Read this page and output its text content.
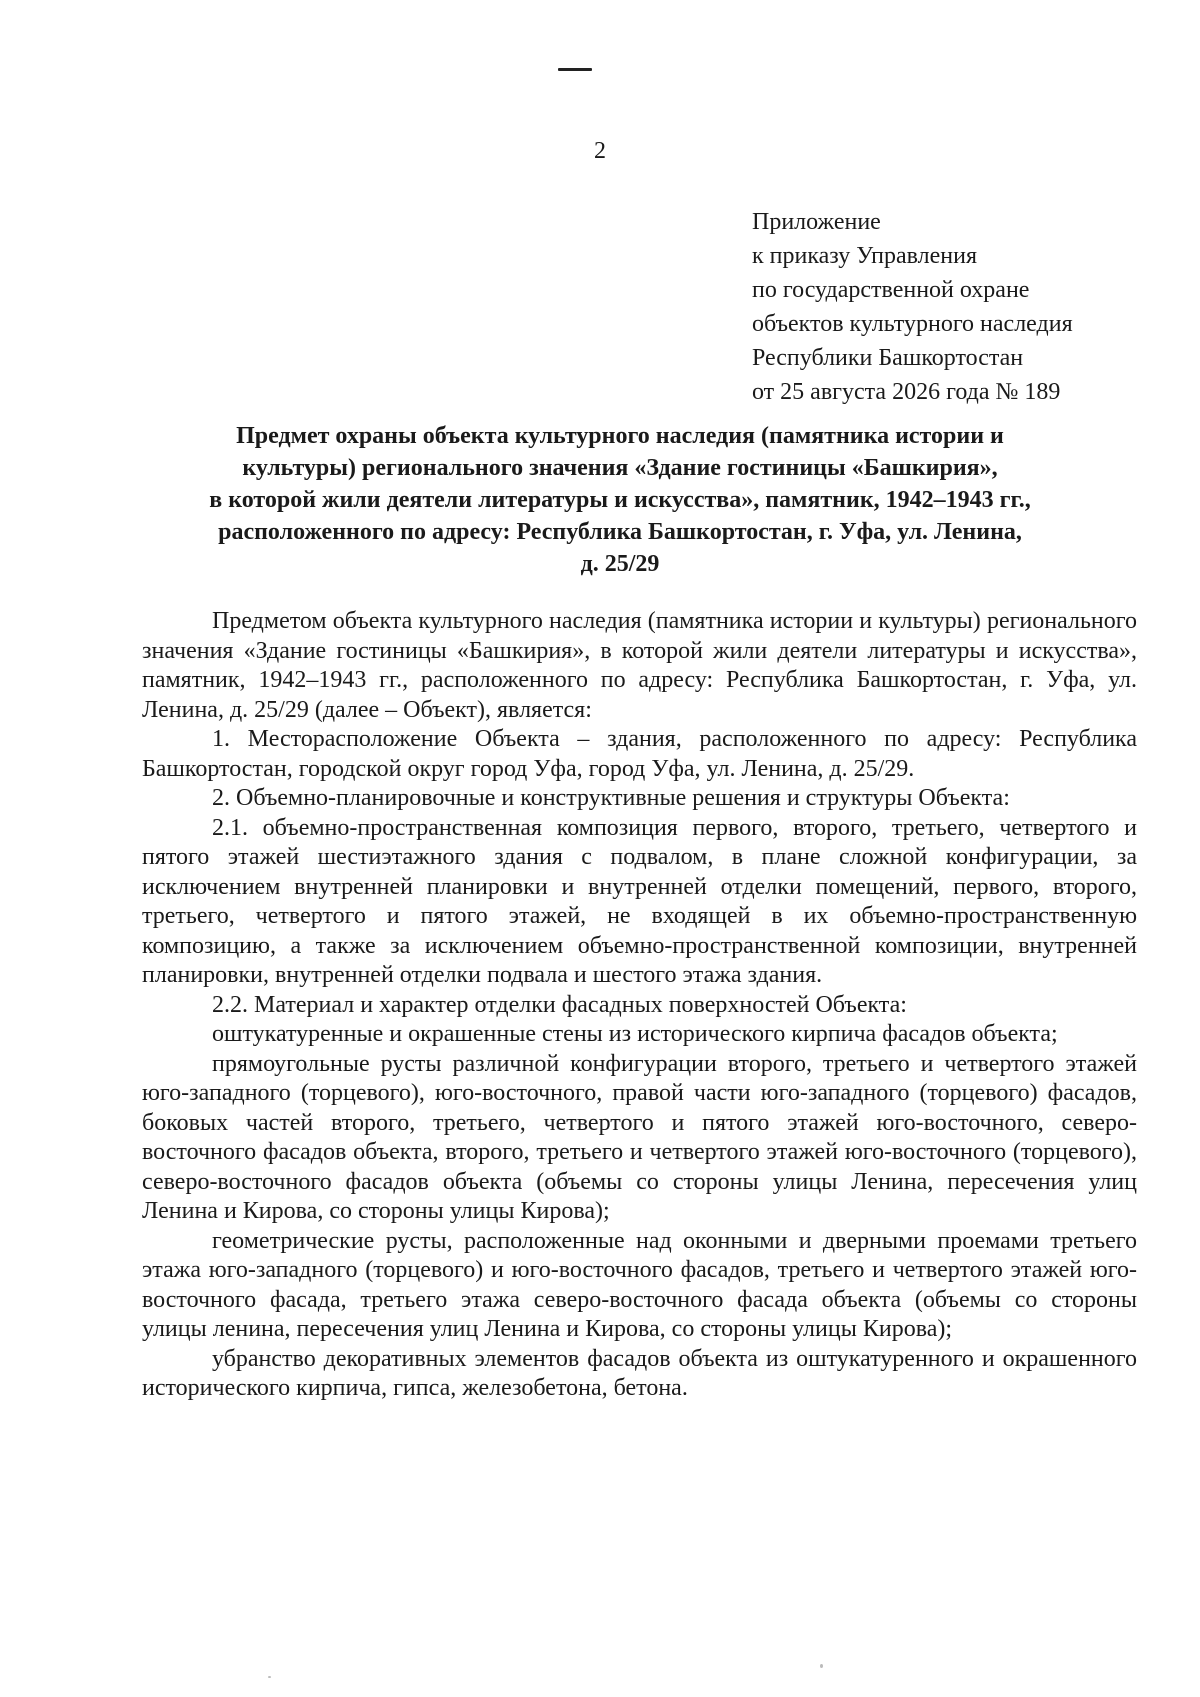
2
Приложение
к приказу Управления
по государственной охране
объектов культурного наследия
Республики Башкортостан
от 25 августа 2026 года № 189
Предмет охраны объекта культурного наследия (памятника истории и
культуры) регионального значения «Здание гостиницы «Башкирия»,
в которой жили деятели литературы и искусства», памятник, 1942–1943 гг.,
расположенного по адресу: Республика Башкортостан, г. Уфа, ул. Ленина,
д. 25/29

Предметом объекта культурного наследия (памятника истории и культуры) регионального значения «Здание гостиницы «Башкирия», в которой жили деятели литературы и искусства», памятник, 1942–1943 гг., расположенного по адресу: Республика Башкортостан, г. Уфа, ул. Ленина, д. 25/29 (далее – Объект), является:

1. Месторасположение Объекта – здания, расположенного по адресу: Республика Башкортостан, городской округ город Уфа, город Уфа, ул. Ленина, д. 25/29.

2. Объемно-планировочные и конструктивные решения и структуры Объекта:

2.1. объемно-пространственная композиция первого, второго, третьего, четвертого и пятого этажей шестиэтажного здания с подвалом, в плане сложной конфигурации, за исключением внутренней планировки и внутренней отделки помещений, первого, второго, третьего, четвертого и пятого этажей, не входящей в их объемно-пространственную композицию, а также за исключением объемно-пространственной композиции, внутренней планировки, внутренней отделки подвала и шестого этажа здания.

2.2. Материал и характер отделки фасадных поверхностей Объекта:

оштукатуренные и окрашенные стены из исторического кирпича фасадов объекта;

прямоугольные русты различной конфигурации второго, третьего и четвертого этажей юго-западного (торцевого), юго-восточного, правой части юго-западного (торцевого) фасадов, боковых частей второго, третьего, четвертого и пятого этажей юго-восточного, северо-восточного фасадов объекта, второго, третьего и четвертого этажей юго-восточного (торцевого), северо-восточного фасадов объекта (объемы со стороны улицы Ленина, пересечения улиц Ленина и Кирова, со стороны улицы Кирова);

геометрические русты, расположенные над оконными и дверными проемами третьего этажа юго-западного (торцевого) и юго-восточного фасадов, третьего и четвертого этажей юго-восточного фасада, третьего этажа северо-восточного фасада объекта (объемы со стороны улицы ленина, пересечения улиц Ленина и Кирова, со стороны улицы Кирова);

убранство декоративных элементов фасадов объекта из оштукатуренного и окрашенного исторического кирпича, гипса, железобетона, бетона.
